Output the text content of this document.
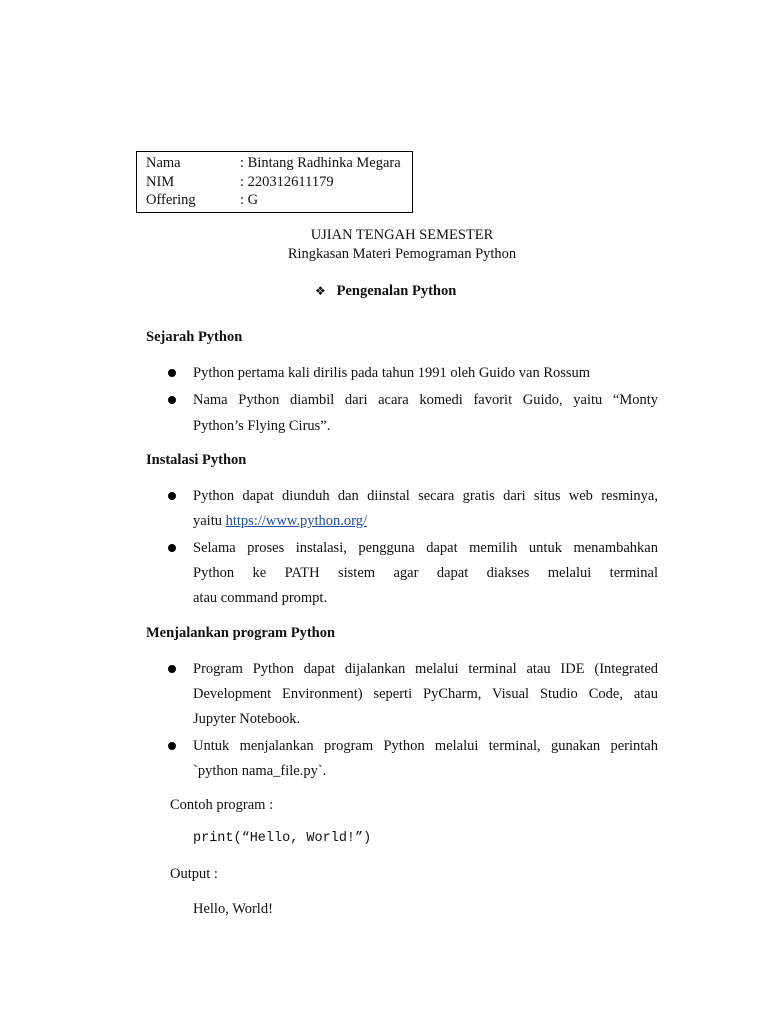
Nama	: Bintang Radhinka Megara
NIM	: 220312611179
Offering	: G
UJIAN TENGAH SEMESTER
Ringkasan Materi Pemograman Python
❖ Pengenalan Python
Sejarah Python
Python pertama kali dirilis pada tahun 1991 oleh Guido van Rossum
Nama Python diambil dari acara komedi favorit Guido, yaitu “Monty
Python’s Flying Cirus”.
Instalasi Python
Python dapat diunduh dan diinstal secara gratis dari situs web resminya,
yaitu https://www.python.org/
Selama proses instalasi, pengguna dapat memilih untuk menambahkan
Python ke PATH sistem agar dapat diakses melalui terminal
atau command prompt.
Menjalankan program Python
Program Python dapat dijalankan melalui terminal atau IDE (Integrated
Development Environment) seperti PyCharm, Visual Studio Code, atau
Jupyter Notebook.
Untuk menjalankan program Python melalui terminal, gunakan perintah
`python nama_file.py`.
Contoh program :
print(“Hello, World!”)
Output :
Hello, World!
